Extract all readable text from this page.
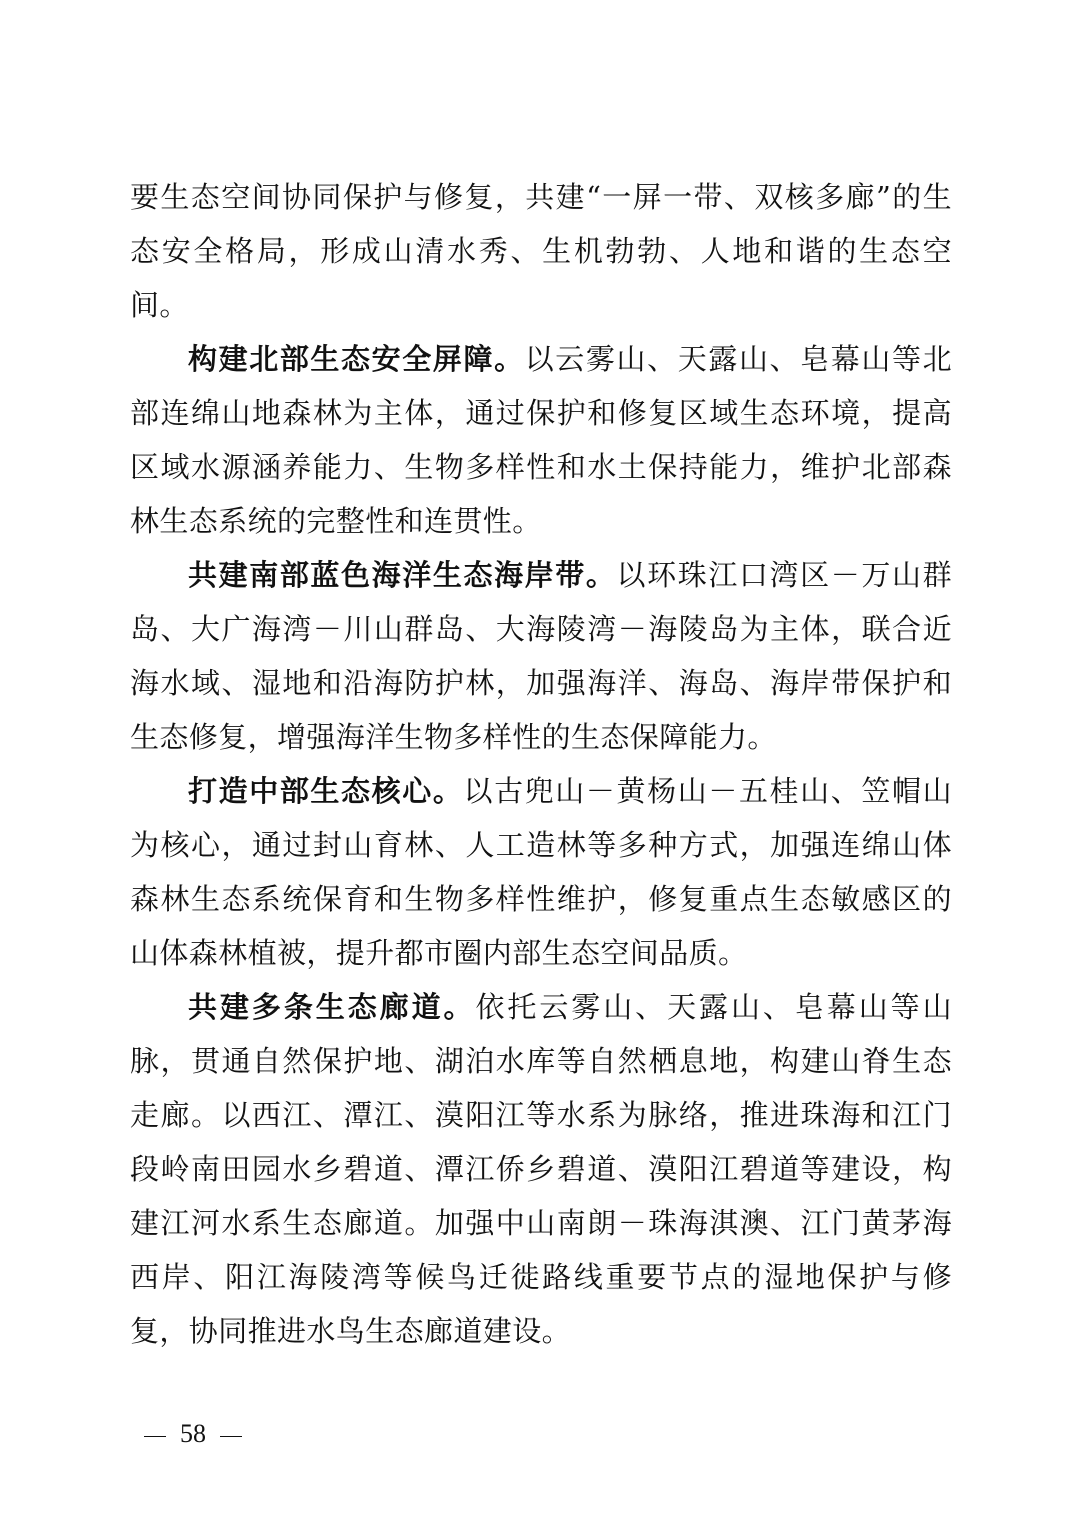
要生态空间协同保护与修复，共建“一屏一带、双核多廊”的生态安全格局，形成山清水秀、生机勃勃、人地和谐的生态空间。

构建北部生态安全屏障。以云雾山、天露山、皂幕山等北部连绵山地森林为主体，通过保护和修复区域生态环境，提高区域水源涵养能力、生物多样性和水土保持能力，维护北部森林生态系统的完整性和连贯性。

共建南部蓝色海洋生态海岸带。以环珠江口湾区－万山群岛、大广海湾－川山群岛、大海陵湾－海陵岛为主体，联合近海水域、湿地和沿海防护林，加强海洋、海岛、海岸带保护和生态修复，增强海洋生物多样性的生态保障能力。

打造中部生态核心。以古兜山－黄杨山－五桂山、笠帽山为核心，通过封山育林、人工造林等多种方式，加强连绵山体森林生态系统保育和生物多样性维护，修复重点生态敏感区的山体森林植被，提升都市圈内部生态空间品质。

共建多条生态廊道。依托云雾山、天露山、皂幕山等山脉，贯通自然保护地、湖泊水库等自然栖息地，构建山脊生态走廊。以西江、潭江、漠阳江等水系为脉络，推进珠海和江门段岭南田园水乡碧道、潭江侨乡碧道、漠阳江碧道等建设，构建江河水系生态廊道。加强中山南朗－珠海淇澳、江门黄茅海西岸、阳江海陵湾等候鸟迁徙路线重要节点的湿地保护与修复，协同推进水鸟生态廊道建设。

58
